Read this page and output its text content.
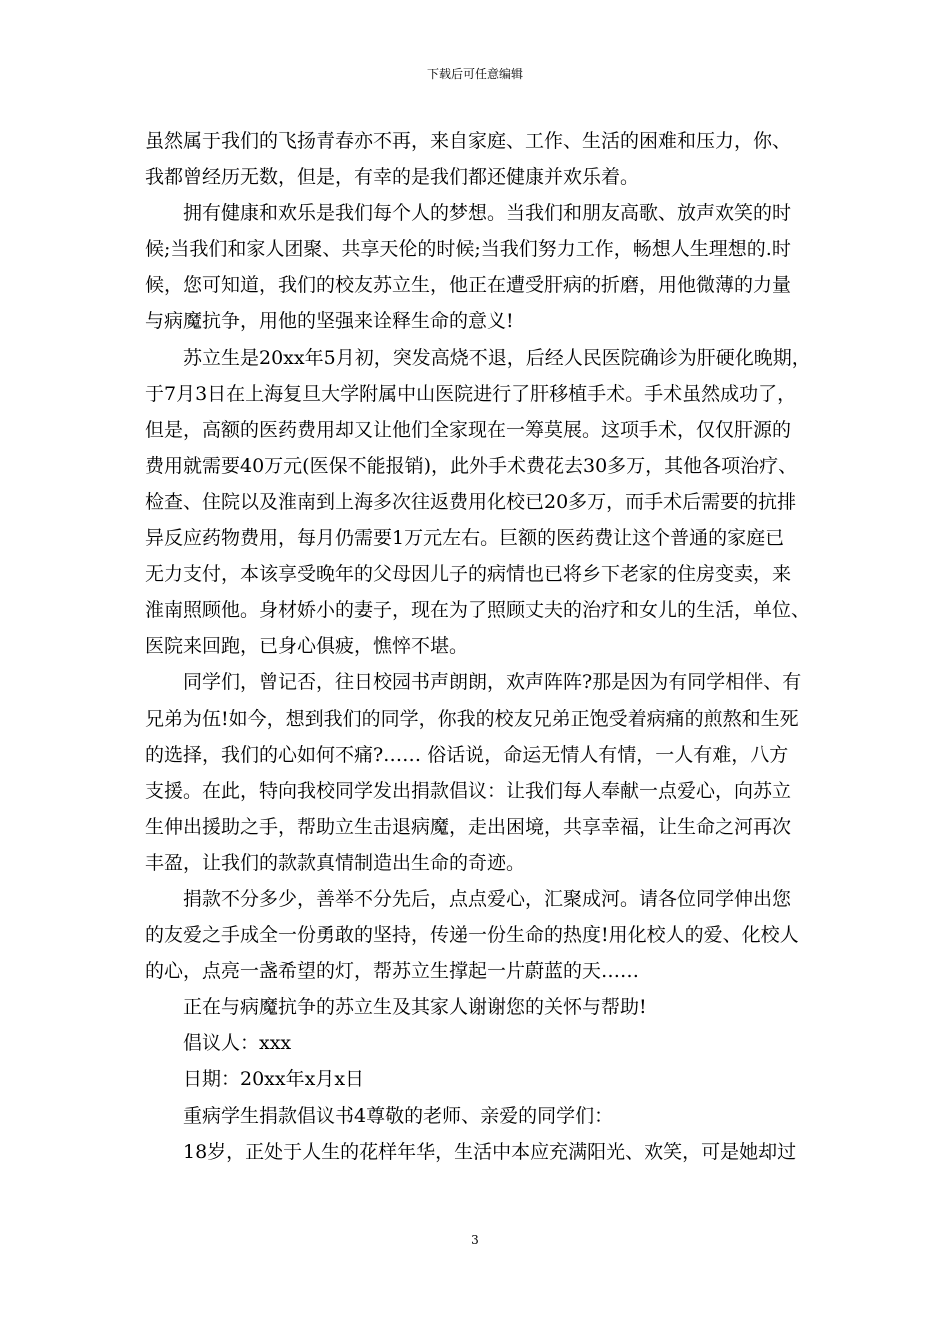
下载后可任意编辑

虽然属于我们的飞扬青春亦不再，来自家庭、工作、生活的困难和压力，你、
我都曾经历无数，但是，有幸的是我们都还健康并欢乐着。

拥有健康和欢乐是我们每个人的梦想。当我们和朋友高歌、放声欢笑的时
候;当我们和家人团聚、共享天伦的时候;当我们努力工作，畅想人生理想的.时
候，您可知道，我们的校友苏立生，他正在遭受肝病的折磨，用他微薄的力量
与病魔抗争，用他的坚强来诠释生命的意义!

苏立生是20xx年5月初，突发高烧不退，后经人民医院确诊为肝硬化晚期，
于7月3日在上海复旦大学附属中山医院进行了肝移植手术。手术虽然成功了，
但是，高额的医药费用却又让他们全家现在一筹莫展。这项手术，仅仅肝源的
费用就需要40万元(医保不能报销)，此外手术费花去30多万，其他各项治疗、
检查、住院以及淮南到上海多次往返费用化校已20多万，而手术后需要的抗排
异反应药物费用，每月仍需要1万元左右。巨额的医药费让这个普通的家庭已
无力支付，本该享受晚年的父母因儿子的病情也已将乡下老家的住房变卖，来
淮南照顾他。身材娇小的妻子，现在为了照顾丈夫的治疗和女儿的生活，单位、
医院来回跑，已身心俱疲，憔悴不堪。

同学们，曾记否，往日校园书声朗朗，欢声阵阵?那是因为有同学相伴、有
兄弟为伍!如今，想到我们的同学，你我的校友兄弟正饱受着病痛的煎熬和生死
的选择，我们的心如何不痛?…… 俗话说，命运无情人有情，一人有难，八方
支援。在此，特向我校同学发出捐款倡议：让我们每人奉献一点爱心，向苏立
生伸出援助之手，帮助立生击退病魔，走出困境，共享幸福，让生命之河再次
丰盈，让我们的款款真情制造出生命的奇迹。

捐款不分多少，善举不分先后，点点爱心，汇聚成河。请各位同学伸出您
的友爱之手成全一份勇敢的坚持，传递一份生命的热度!用化校人的爱、化校人
的心，点亮一盏希望的灯，帮苏立生撑起一片蔚蓝的天……

正在与病魔抗争的苏立生及其家人谢谢您的关怀与帮助!

倡议人：xxx

日期：20xx年x月x日

重病学生捐款倡议书4尊敬的老师、亲爱的同学们：

18岁，正处于人生的花样年华，生活中本应充满阳光、欢笑，可是她却过

3
